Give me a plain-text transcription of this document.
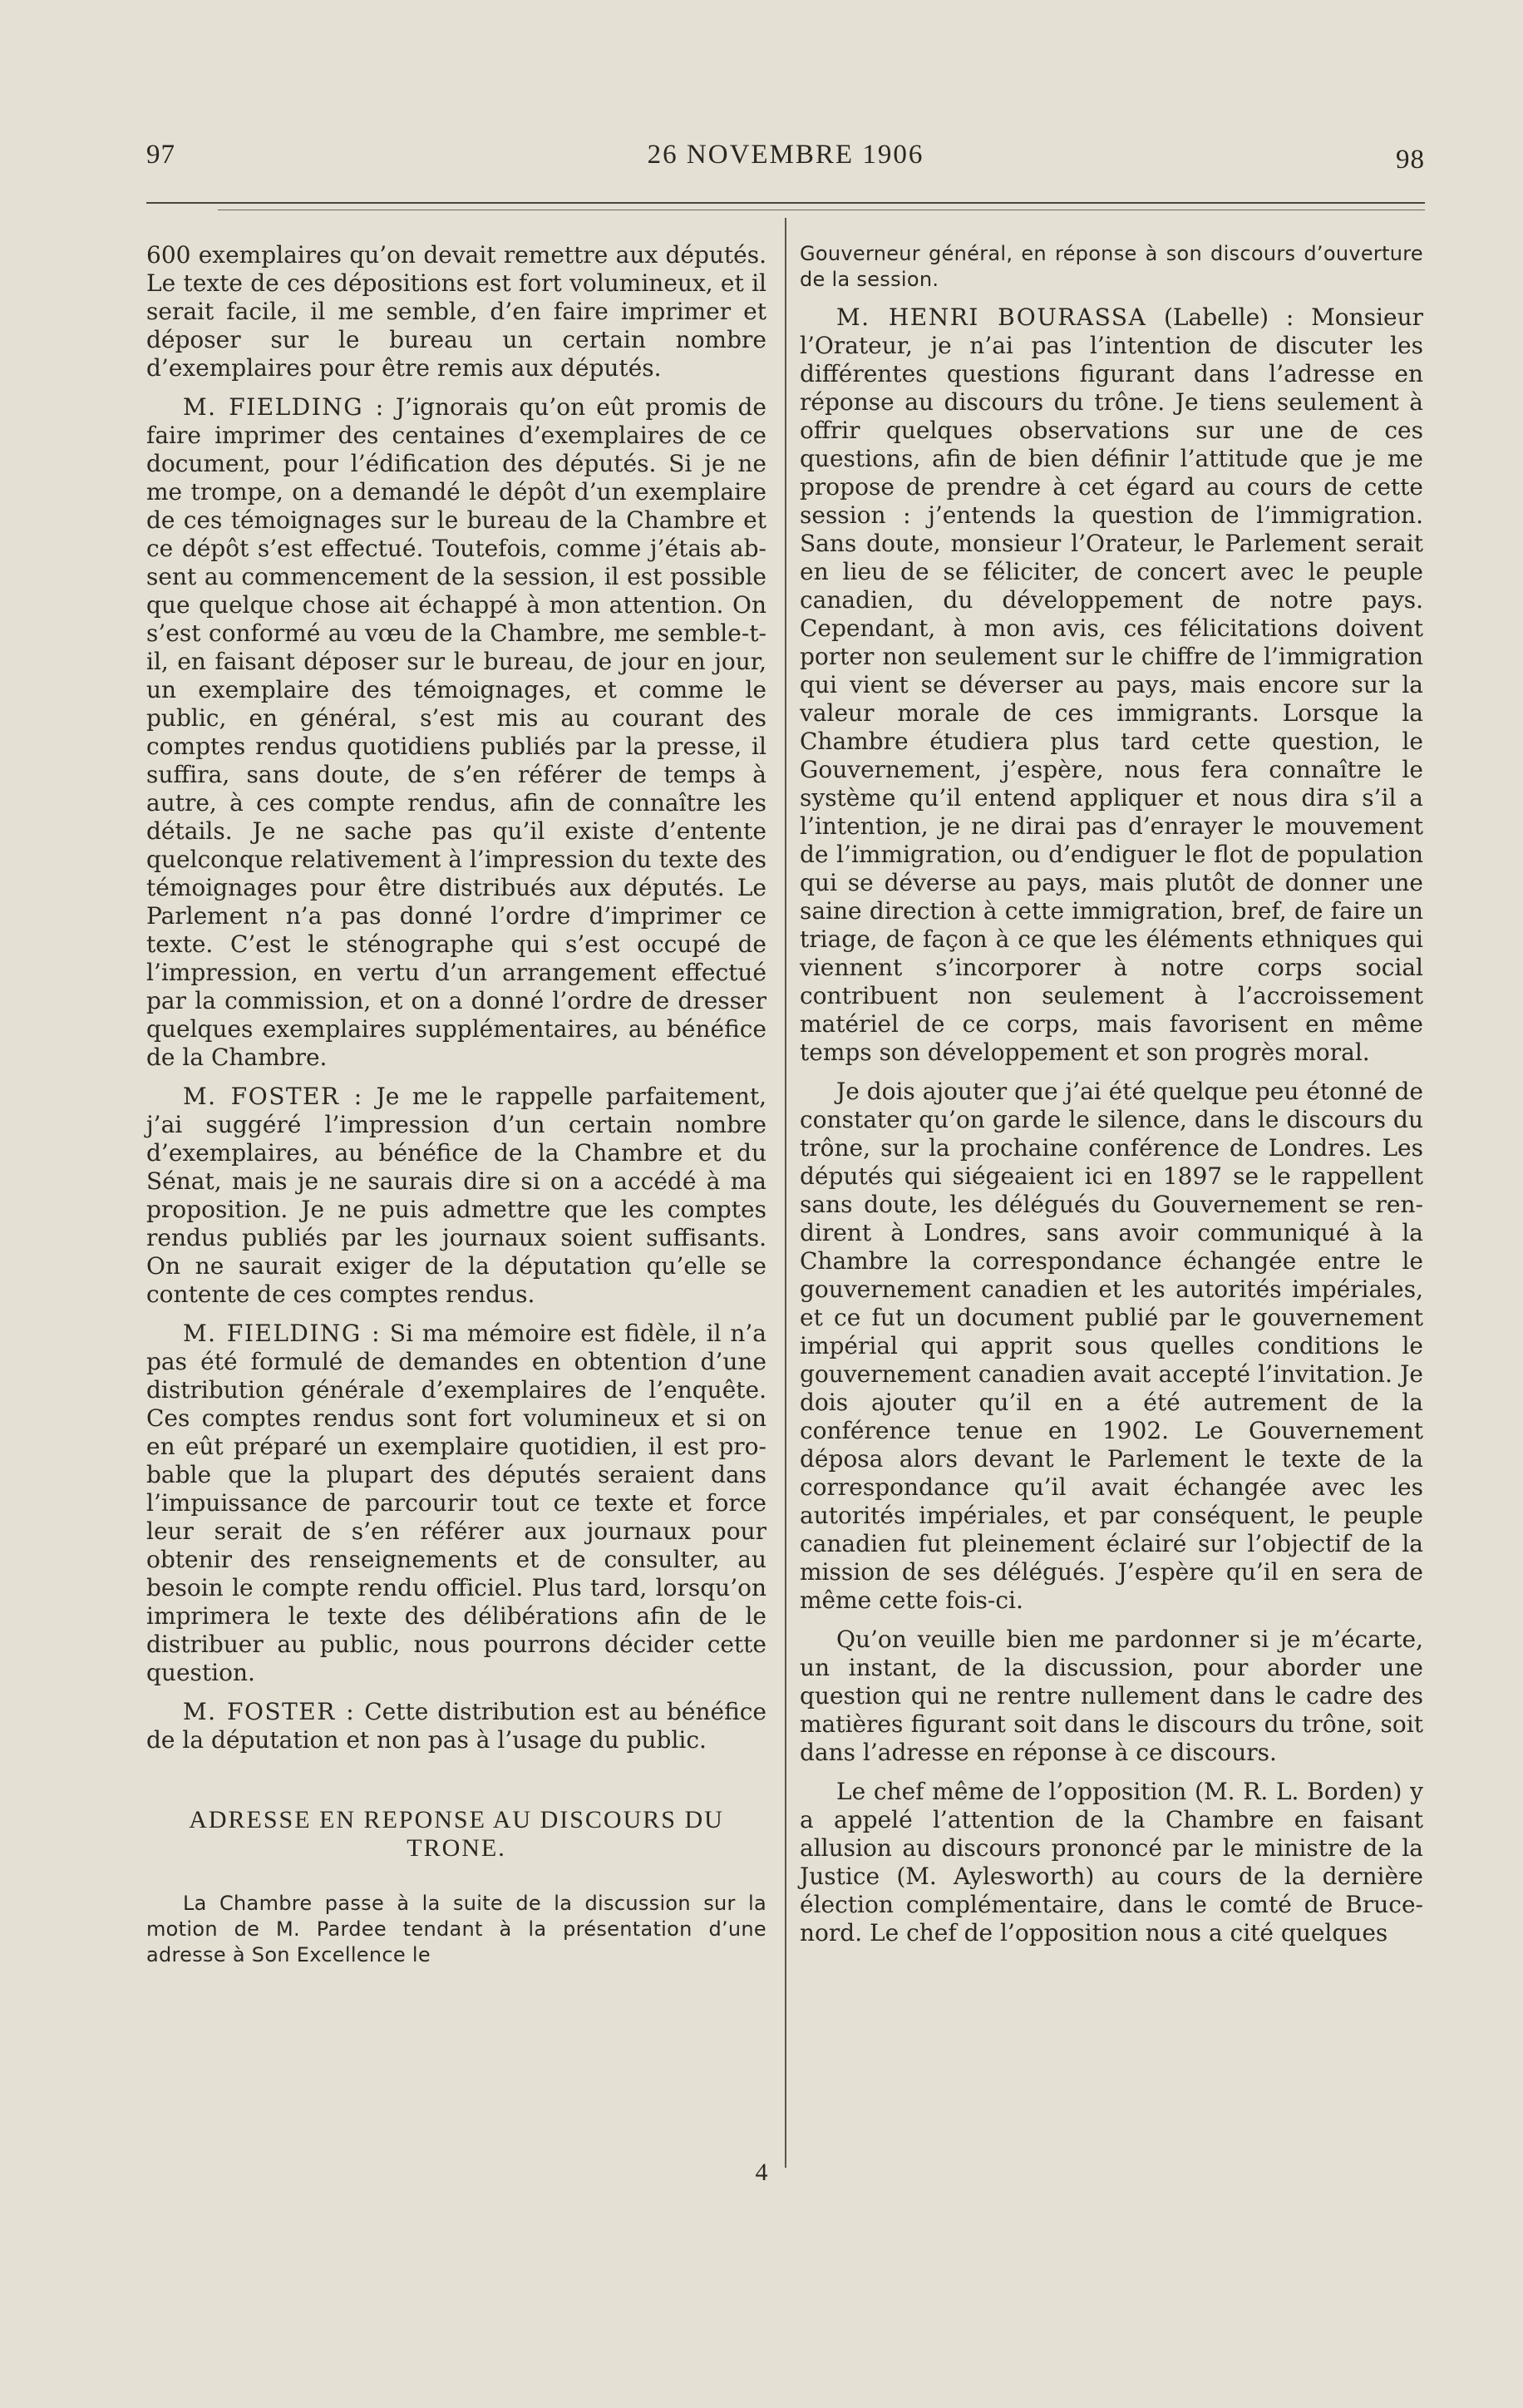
97	26 NOVEMBRE 1906	98

600 exemplaires qu’on devait remettre aux députés. Le texte de ces dépositions est fort volumineux, et il serait facile, il me semble, d’en faire imprimer et déposer sur le bureau un certain nombre d’exemplaires pour être remis aux députés.

M. FIELDING : J’ignorais qu’on eût promis de faire imprimer des centaines d’exemplaires de ce document, pour l’édification des députés. Si je ne me trompe, on a demandé le dépôt d’un exemplaire de ces témoignages sur le bureau de la Chambre et ce dépôt s’est effectué. Toutefois, comme j’étais absent au commencement de la session, il est possible que quelque chose ait échappé à mon attention. On s’est conformé au vœu de la Chambre, me semble-t-il, en faisant déposer sur le bureau, de jour en jour, un exemplaire des témoignages, et comme le public, en général, s’est mis au courant des comptes rendus quotidiens publiés par la presse, il suffira, sans doute, de s’en référer de temps à autre, à ces compte rendus, afin de connaître les détails. Je ne sache pas qu’il existe d’entente quelconque relativement à l’impression du texte des témoignages pour être distribués aux députés. Le Parlement n’a pas donné l’ordre d’imprimer ce texte. C’est le sténographe qui s’est occupé de l’impression, en vertu d’un arrangement effectué par la commission, et on a donné l’ordre de dresser quelques exemplaires supplémentaires, au bénéfice de la Chambre.

M. FOSTER : Je me le rappelle parfaitement, j’ai suggéré l’impression d’un certain nombre d’exemplaires, au bénéfice de la Chambre et du Sénat, mais je ne saurais dire si on a accédé à ma proposition. Je ne puis admettre que les comptes rendus publiés par les journaux soient suffisants. On ne saurait exiger de la députation qu’elle se contente de ces comptes rendus.

M. FIELDING : Si ma mémoire est fidèle, il n’a pas été formulé de demandes en obtention d’une distribution générale d’exemplaires de l’enquête. Ces comptes rendus sont fort volumineux et si on en eût préparé un exemplaire quotidien, il est probable que la plupart des députés seraient dans l’impuissance de parcourir tout ce texte et force leur serait de s’en référer aux journaux pour obtenir des renseignements et de consulter, au besoin le compte rendu officiel. Plus tard, lorsqu’on imprimera le texte des délibérations afin de le distribuer au public, nous pourrons décider cette question.

M. FOSTER : Cette distribution est au bénéfice de la députation et non pas à l’usage du public.

ADRESSE EN REPONSE AU DISCOURS DU TRONE.

La Chambre passe à la suite de la discussion sur la motion de M. Pardee tendant à la présentation d’une adresse à Son Excellence le

Gouverneur général, en réponse à son discours d’ouverture de la session.

M. HENRI BOURASSA (Labelle) : Monsieur l’Orateur, je n’ai pas l’intention de discuter les différentes questions figurant dans l’adresse en réponse au discours du trône. Je tiens seulement à offrir quelques observations sur une de ces questions, afin de bien définir l’attitude que je me propose de prendre à cet égard au cours de cette session : j’entends la question de l’immigration. Sans doute, monsieur l’Orateur, le Parlement serait en lieu de se féliciter, de concert avec le peuple canadien, du développement de notre pays. Cependant, à mon avis, ces félicitations doivent porter non seulement sur le chiffre de l’immigration qui vient se déverser au pays, mais encore sur la valeur morale de ces immigrants. Lorsque la Chambre étudiera plus tard cette question, le Gouvernement, j’espère, nous fera connaître le système qu’il entend appliquer et nous dira s’il a l’intention, je ne dirai pas d’enrayer le mouvement de l’immigration, ou d’endiguer le flot de population qui se déverse au pays, mais plutôt de donner une saine direction à cette immigration, bref, de faire un triage, de façon à ce que les éléments ethniques qui viennent s’incorporer à notre corps social contribuent non seulement à l’accroissement matériel de ce corps, mais favorisent en même temps son développement et son progrès moral.

Je dois ajouter que j’ai été quelque peu étonné de constater qu’on garde le silence, dans le discours du trône, sur la prochaine conférence de Londres. Les députés qui siégeaient ici en 1897 se le rappellent sans doute, les délégués du Gouvernement se rendirent à Londres, sans avoir communiqué à la Chambre la correspondance échangée entre le gouvernement canadien et les autorités impériales, et ce fut un document publié par le gouvernement impérial qui apprit sous quelles conditions le gouvernement canadien avait accepté l’invitation. Je dois ajouter qu’il en a été autrement de la conférence tenue en 1902. Le Gouvernement déposa alors devant le Parlement le texte de la correspondance qu’il avait échangée avec les autorités impériales, et par conséquent, le peuple canadien fut pleinement éclairé sur l’objectif de la mission de ses délégués. J’espère qu’il en sera de même cette fois-ci.

Qu’on veuille bien me pardonner si je m’écarte, un instant, de la discussion, pour aborder une question qui ne rentre nullement dans le cadre des matières figurant soit dans le discours du trône, soit dans l’adresse en réponse à ce discours.

Le chef même de l’opposition (M. R. L. Borden) y a appelé l’attention de la Chambre en faisant allusion au discours prononcé par le ministre de la Justice (M. Aylesworth) au cours de la dernière élection complémentaire, dans le comté de Bruce-nord. Le chef de l’opposition nous a cité quelques

4
